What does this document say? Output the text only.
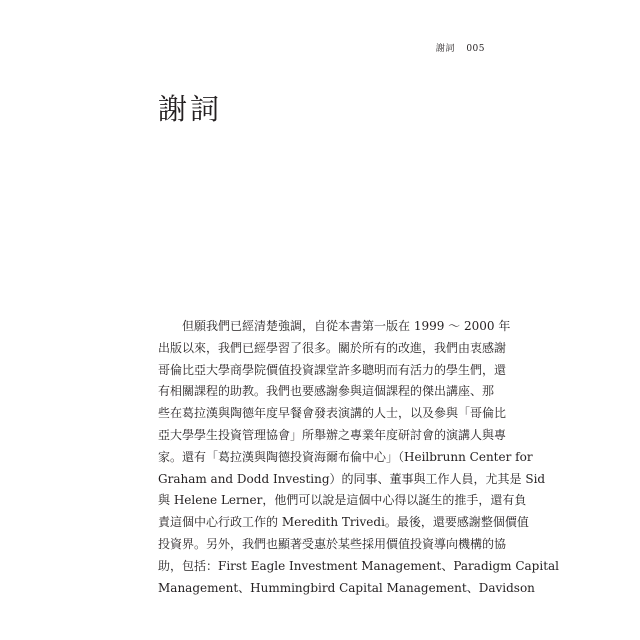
謝詞 005
謝詞
但願我們已經清楚強調，自從本書第一版在 1999 ～ 2000 年
出版以來，我們已經學習了很多。關於所有的改進，我們由衷感謝
哥倫比亞大學商學院價值投資課堂許多聰明而有活力的學生們，還
有相關課程的助教。我們也要感謝參與這個課程的傑出講座、那
些在葛拉漢與陶德年度早餐會發表演講的人士，以及參與「哥倫比
亞大學學生投資管理協會」所舉辦之專業年度研討會的演講人與專
家。還有「葛拉漢與陶德投資海爾布倫中心」（Heilbrunn Center for
Graham and Dodd Investing）的同事、董事與工作人員，尤其是 Sid
與 Helene Lerner，他們可以說是這個中心得以誕生的推手，還有負
責這個中心行政工作的 Meredith Trivedi。最後，還要感謝整個價值
投資界。另外，我們也顯著受惠於某些採用價值投資導向機構的協
助，包括：First Eagle Investment Management、Paradigm Capital
Management、Hummingbird Capital Management、Davidson
